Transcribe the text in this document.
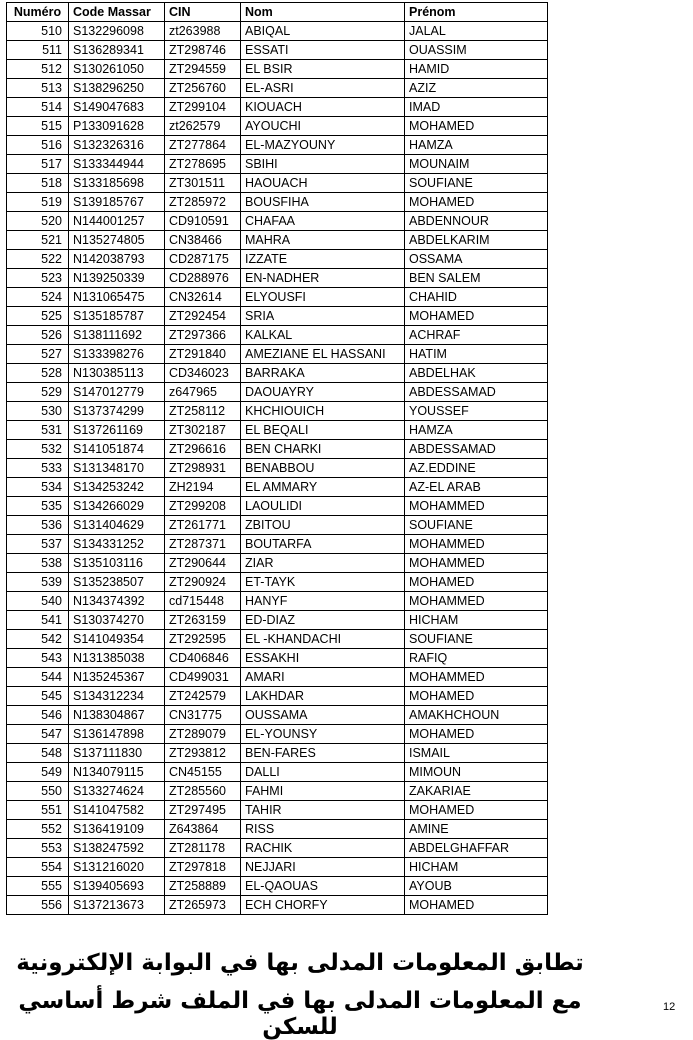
Numéro	Code Massar	CIN	Nom	Prénom
510	S132296098	zt263988	ABIQAL	JALAL
511	S136289341	ZT298746	ESSATI	OUASSIM
512	S130261050	ZT294559	EL BSIR	HAMID
513	S138296250	ZT256760	EL-ASRI	AZIZ
514	S149047683	ZT299104	KIOUACH	IMAD
515	P133091628	zt262579	AYOUCHI	MOHAMED
516	S132326316	ZT277864	EL-MAZYOUNY	HAMZA
517	S133344944	ZT278695	SBIHI	MOUNAIM
518	S133185698	ZT301511	HAOUACH	SOUFIANE
519	S139185767	ZT285972	BOUSFIHA	MOHAMED
520	N144001257	CD910591	CHAFAA	ABDENNOUR
521	N135274805	CN38466	MAHRA	ABDELKARIM
522	N142038793	CD287175	IZZATE	OSSAMA
523	N139250339	CD288976	EN-NADHER	BEN SALEM
524	N131065475	CN32614	ELYOUSFI	CHAHID
525	S135185787	ZT292454	SRIA	MOHAMED
526	S138111692	ZT297366	KALKAL	ACHRAF
527	S133398276	ZT291840	AMEZIANE EL HASSANI	HATIM
528	N130385113	CD346023	BARRAKA	ABDELHAK
529	S147012779	z647965	DAOUAYRY	ABDESSAMAD
530	S137374299	ZT258112	KHCHIOUICH	YOUSSEF
531	S137261169	ZT302187	EL BEQALI	HAMZA
532	S141051874	ZT296616	BEN CHARKI	ABDESSAMAD
533	S131348170	ZT298931	BENABBOU	AZ.EDDINE
534	S134253242	ZH2194	EL AMMARY	AZ-EL ARAB
535	S134266029	ZT299208	LAOULIDI	MOHAMMED
536	S131404629	ZT261771	ZBITOU	SOUFIANE
537	S134331252	ZT287371	BOUTARFA	MOHAMMED
538	S135103116	ZT290644	ZIAR	MOHAMMED
539	S135238507	ZT290924	ET-TAYK	MOHAMED
540	N134374392	cd715448	HANYF	MOHAMMED
541	S130374270	ZT263159	ED-DIAZ	HICHAM
542	S141049354	ZT292595	EL -KHANDACHI	SOUFIANE
543	N131385038	CD406846	ESSAKHI	RAFIQ
544	N135245367	CD499031	AMARI	MOHAMMED
545	S134312234	ZT242579	LAKHDAR	MOHAMED
546	N138304867	CN31775	OUSSAMA	AMAKHCHOUN
547	S136147898	ZT289079	EL-YOUNSY	MOHAMED
548	S137111830	ZT293812	BEN-FARES	ISMAIL
549	N134079115	CN45155	DALLI	MIMOUN
550	S133274624	ZT285560	FAHMI	ZAKARIAE
551	S141047582	ZT297495	TAHIR	MOHAMED
552	S136419109	Z643864	RISS	AMINE
553	S138247592	ZT281178	RACHIK	ABDELGHAFFAR
554	S131216020	ZT297818	NEJJARI	HICHAM
555	S139405693	ZT258889	EL-QAOUAS	AYOUB
556	S137213673	ZT265973	ECH CHORFY	MOHAMED
تطابق المعلومات المدلى بها في البوابة الإلكترونية
مع المعلومات المدلى بها في الملف شرط أساسي للسكن
12
